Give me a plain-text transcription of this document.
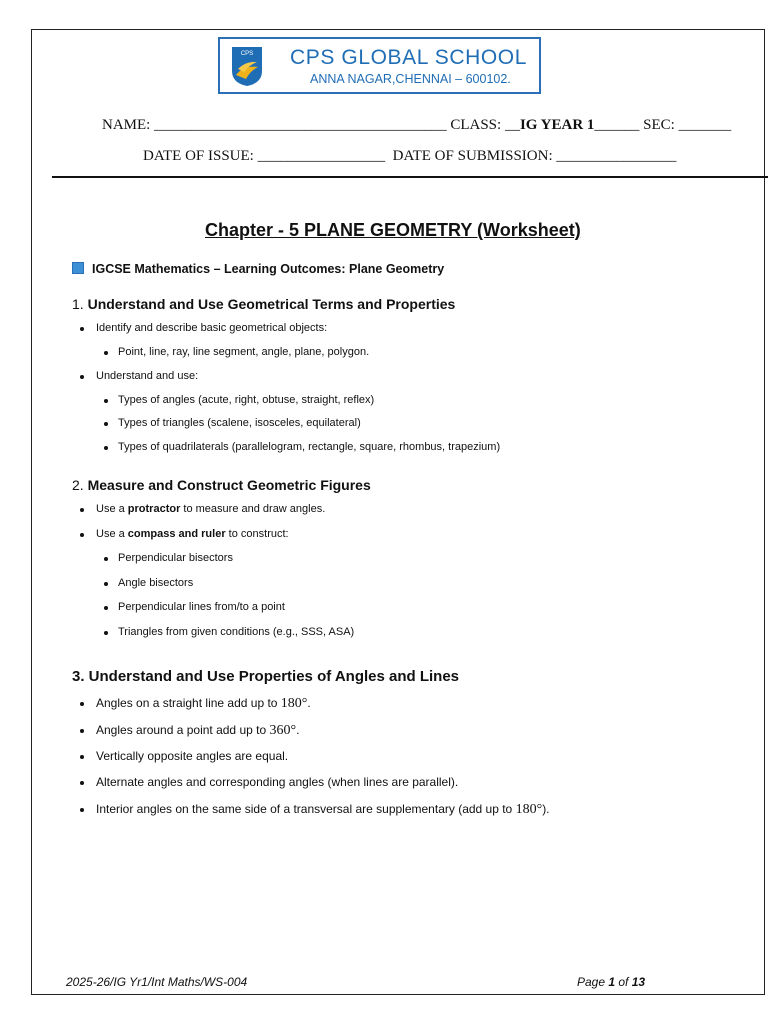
CPS CPS GLOBAL SCHOOL
ANNA NAGAR,CHENNAI – 600102.
NAME: _______________________________________ CLASS: __IG YEAR 1______ SEC: _______
DATE OF ISSUE: _________________ DATE OF SUBMISSION: ________________
Chapter - 5 PLANE GEOMETRY (Worksheet)
IGCSE Mathematics – Learning Outcomes: Plane Geometry
1. Understand and Use Geometrical Terms and Properties
Identify and describe basic geometrical objects:
Point, line, ray, line segment, angle, plane, polygon.
Understand and use:
Types of angles (acute, right, obtuse, straight, reflex)
Types of triangles (scalene, isosceles, equilateral)
Types of quadrilaterals (parallelogram, rectangle, square, rhombus, trapezium)
2. Measure and Construct Geometric Figures
Use a protractor to measure and draw angles.
Use a compass and ruler to construct:
Perpendicular bisectors
Angle bisectors
Perpendicular lines from/to a point
Triangles from given conditions (e.g., SSS, ASA)
3. Understand and Use Properties of Angles and Lines
Angles on a straight line add up to 180°.
Angles around a point add up to 360°.
Vertically opposite angles are equal.
Alternate angles and corresponding angles (when lines are parallel).
Interior angles on the same side of a transversal are supplementary (add up to 180°).
2025-26/IG Yr1/Int Maths/WS-004	Page 1 of 13
